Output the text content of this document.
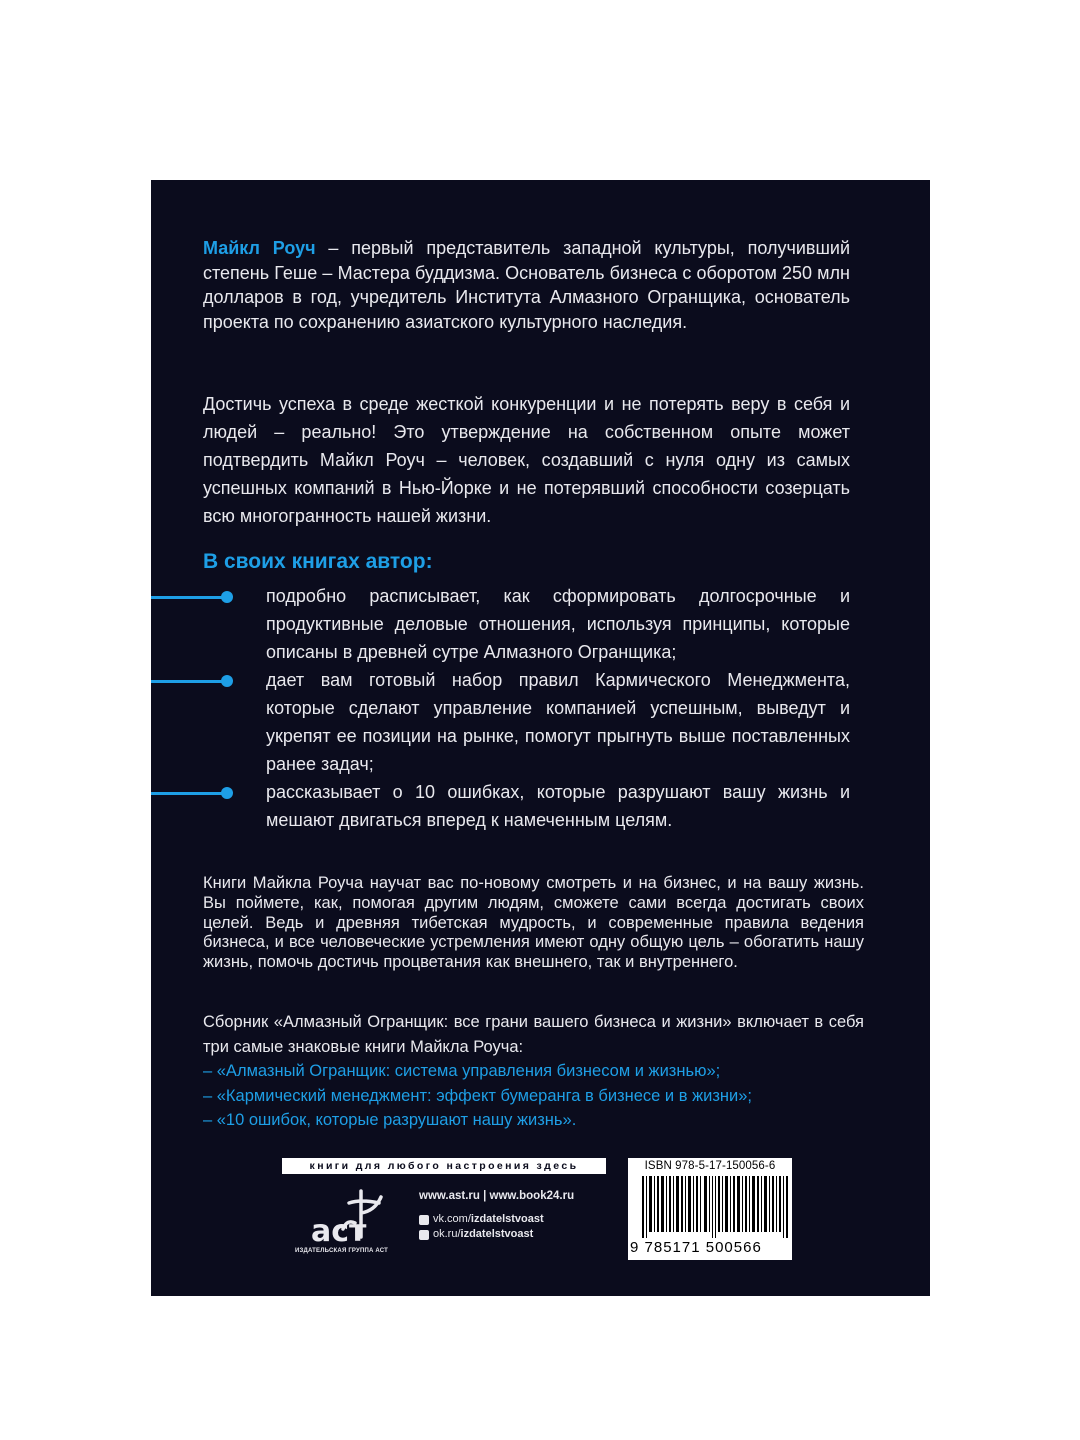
Майкл Роуч – первый представитель западной культуры, получивший степень Геше – Мастера буддизма. Основатель бизнеса с оборотом 250 млн долларов в год, учредитель Института Алмазного Огранщика, основатель проекта по сохранению азиатского культурного наследия.
Достичь успеха в среде жесткой конкуренции и не потерять веру в себя и людей – реально! Это утверждение на собственном опыте может подтвердить Майкл Роуч – человек, создавший с нуля одну из самых успешных компаний в Нью-Йорке и не потерявший способности созерцать всю многогранность нашей жизни.
В своих книгах автор:
подробно расписывает, как сформировать долгосрочные и продуктивные деловые отношения, используя принципы, которые описаны в древней сутре Алмазного Огранщика;
дает вам готовый набор правил Кармического Менеджмента, которые сделают управление компанией успешным, выведут и укрепят ее позиции на рынке, помогут прыгнуть выше поставленных ранее задач;
рассказывает о 10 ошибках, которые разрушают вашу жизнь и мешают двигаться вперед к намеченным целям.
Книги Майкла Роуча научат вас по-новому смотреть и на бизнес, и на вашу жизнь. Вы поймете, как, помогая другим людям, сможете сами всегда достигать своих целей. Ведь и древняя тибетская мудрость, и современные правила ведения бизнеса, и все человеческие устремления имеют одну общую цель – обогатить нашу жизнь, помочь достичь процветания как внешнего, так и внутреннего.
Сборник «Алмазный Огранщик: все грани вашего бизнеса и жизни» включает в себя три самые знаковые книги Майкла Роуча:
– «Алмазный Огранщик: система управления бизнесом и жизнью»;
– «Кармический менеджмент: эффект бумеранга в бизнесе и в жизни»;
– «10 ошибок, которые разрушают нашу жизнь».
книги для любого настроения здесь
аст
ИЗДАТЕЛЬСКАЯ ГРУППА АСТ
www.ast.ru | www.book24.ru
vk.com/izdatelstvoast
ok.ru/izdatelstvoast
ISBN 978-5-17-150056-6
9 785171 500566
